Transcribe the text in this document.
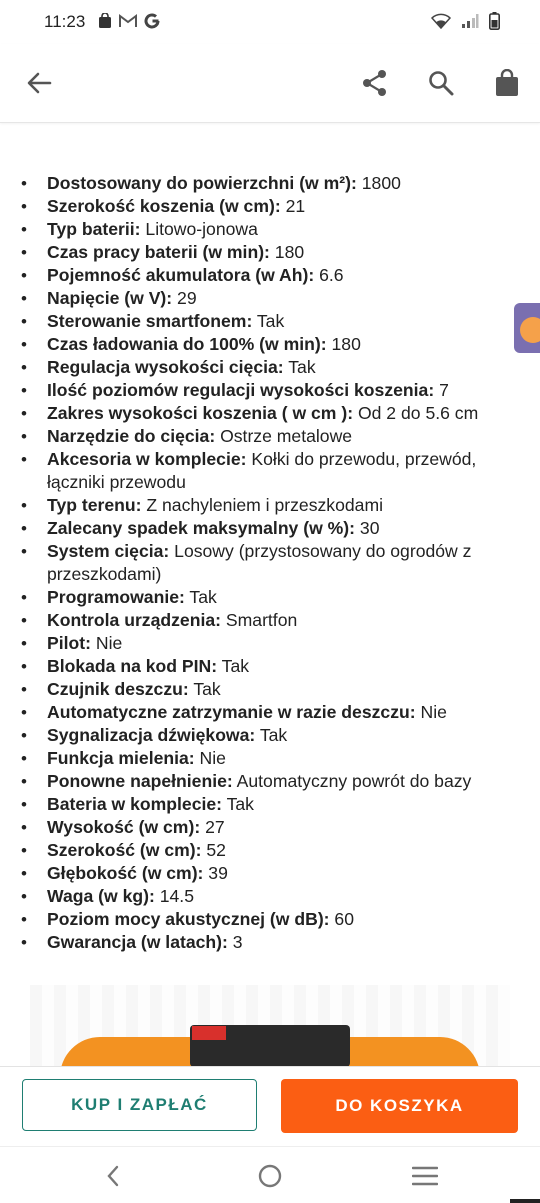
11:23
• Dostosowany do powierzchni (w m²): 1800
• Szerokość koszenia (w cm): 21
• Typ baterii: Litowo-jonowa
• Czas pracy baterii (w min): 180
• Pojemność akumulatora (w Ah): 6.6
• Napięcie (w V): 29
• Sterowanie smartfonem: Tak
• Czas ładowania do 100% (w min): 180
• Regulacja wysokości cięcia: Tak
• Ilość poziomów regulacji wysokości koszenia: 7
• Zakres wysokości koszenia ( w cm ): Od 2 do 5.6 cm
• Narzędzie do cięcia: Ostrze metalowe
• Akcesoria w komplecie: Kołki do przewodu, przewód, łączniki przewodu
• Typ terenu: Z nachyleniem i przeszkodami
• Zalecany spadek maksymalny (w %): 30
• System cięcia: Losowy (przystosowany do ogrodów z przeszkodami)
• Programowanie: Tak
• Kontrola urządzenia: Smartfon
• Pilot: Nie
• Blokada na kod PIN: Tak
• Czujnik deszczu: Tak
• Automatyczne zatrzymanie w razie deszczu: Nie
• Sygnalizacja dźwiękowa: Tak
• Funkcja mielenia: Nie
• Ponowne napełnienie: Automatyczny powrót do bazy
• Bateria w komplecie: Tak
• Wysokość (w cm): 27
• Szerokość (w cm): 52
• Głębokość (w cm): 39
• Waga (w kg): 14.5
• Poziom mocy akustycznej (w dB): 60
• Gwarancja (w latach): 3
KUP I ZAPŁAĆ	DO KOSZYKA
